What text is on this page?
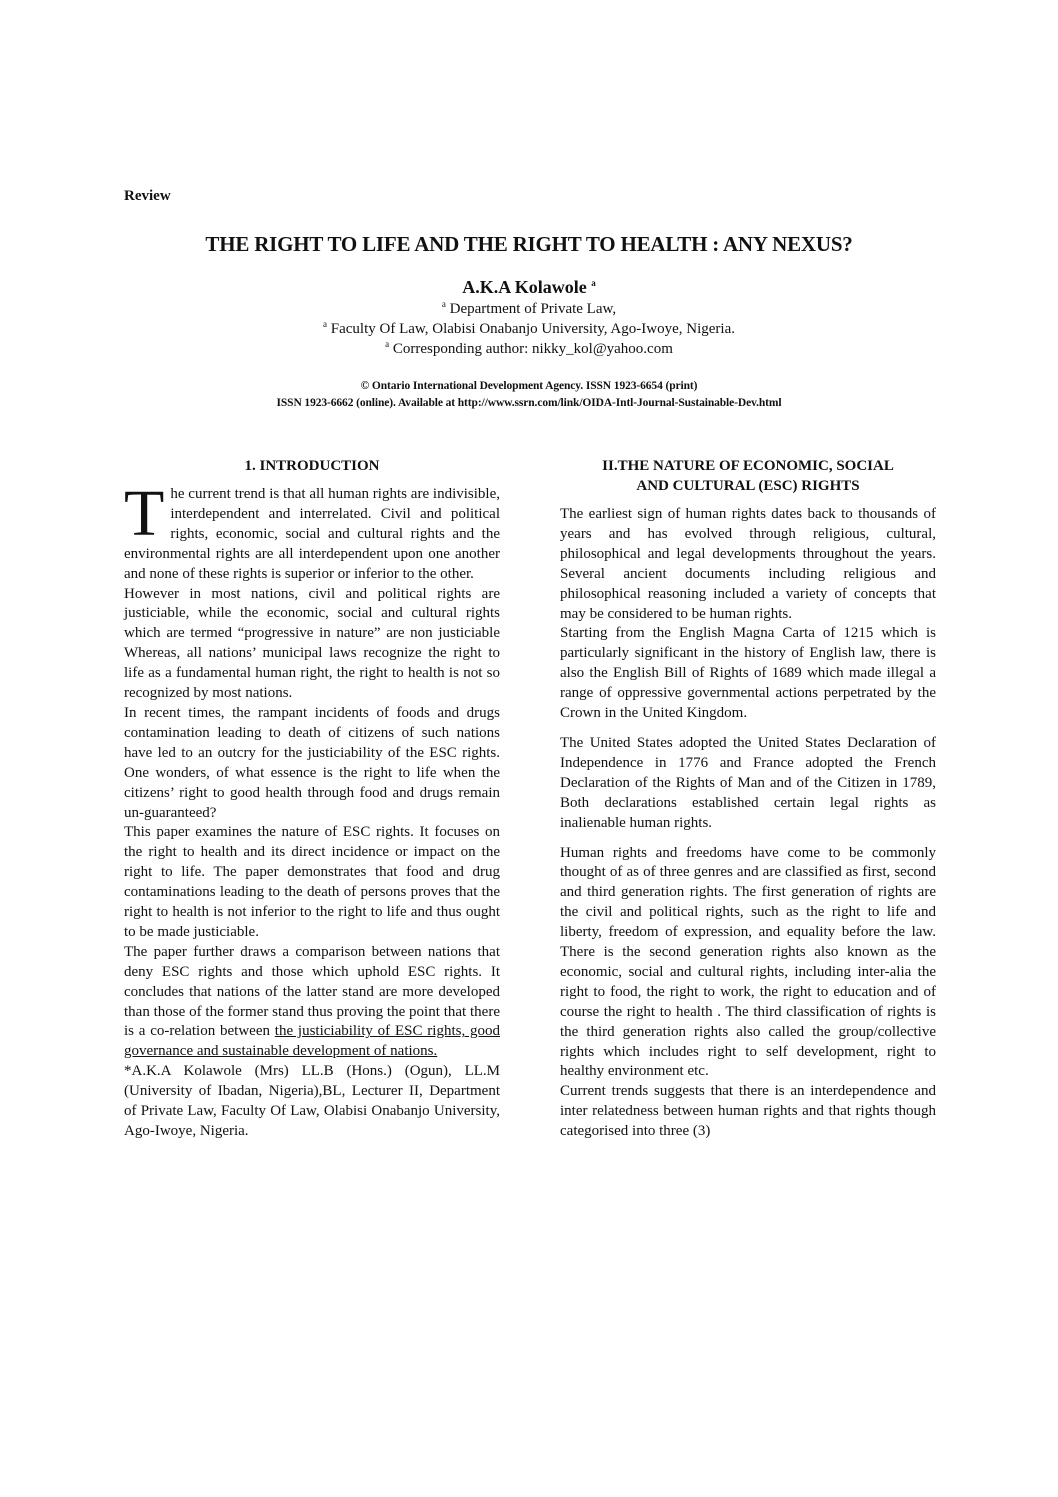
Review
THE RIGHT TO LIFE AND THE RIGHT TO HEALTH : ANY NEXUS?
A.K.A Kolawole $^a$
$^a$ Department of Private Law,
$^a$ Faculty Of Law, Olabisi Onabanjo University, Ago-Iwoye, Nigeria.
$^a$ Corresponding author: nikky_kol@yahoo.com
© Ontario International Development Agency. ISSN 1923-6654 (print)
ISSN 1923-6662 (online). Available at http://www.ssrn.com/link/OIDA-Intl-Journal-Sustainable-Dev.html
1. INTRODUCTION

The current trend is that all human rights are indivisible, interdependent and interrelated. Civil and political rights, economic, social and cultural rights and the environmental rights are all interdependent upon one another and none of these rights is superior or inferior to the other.

However in most nations, civil and political rights are justiciable, while the economic, social and cultural rights which are termed “progressive in nature” are non justiciable Whereas, all nations’ municipal laws recognize the right to life as a fundamental human right, the right to health is not so recognized by most nations.

In recent times, the rampant incidents of foods and drugs contamination leading to death of citizens of such nations have led to an outcry for the justiciability of the ESC rights. One wonders, of what essence is the right to life when the citizens’ right to good health through food and drugs remain un-guaranteed?

This paper examines the nature of ESC rights. It focuses on the right to health and its direct incidence or impact on the right to life. The paper demonstrates that food and drug contaminations leading to the death of persons proves that the right to health is not inferior to the right to life and thus ought to be made justiciable.

The paper further draws a comparison between nations that deny ESC rights and those which uphold ESC rights. It concludes that nations of the latter stand are more developed than those of the former stand thus proving the point that there is a co-relation between the justiciability of ESC rights, good governance and sustainable development of nations.

*A.K.A Kolawole (Mrs) LL.B (Hons.) (Ogun), LL.M (University of Ibadan, Nigeria),BL, Lecturer II, Department of Private Law, Faculty Of Law, Olabisi Onabanjo University, Ago-Iwoye, Nigeria.

II.THE NATURE OF ECONOMIC, SOCIAL
AND CULTURAL (ESC) RIGHTS

The earliest sign of human rights dates back to thousands of years and has evolved through religious, cultural, philosophical and legal developments throughout the years. Several ancient documents including religious and philosophical reasoning included a variety of concepts that may be considered to be human rights.

Starting from the English Magna Carta of 1215 which is particularly significant in the history of English law, there is also the English Bill of Rights of 1689 which made illegal a range of oppressive governmental actions perpetrated by the Crown in the United Kingdom.

The United States adopted the United States Declaration of Independence in 1776 and France adopted the French Declaration of the Rights of Man and of the Citizen in 1789, Both declarations established certain legal rights as inalienable human rights.

Human rights and freedoms have come to be commonly thought of as of three genres and are classified as first, second and third generation rights. The first generation of rights are the civil and political rights, such as the right to life and liberty, freedom of expression, and equality before the law. There is the second generation rights also known as the economic, social and cultural rights, including inter-alia the right to food, the right to work, the right to education and of course the right to health . The third classification of rights is the third generation rights also called the group/collective rights which includes right to self development, right to healthy environment etc.

Current trends suggests that there is an interdependence and inter relatedness between human rights and that rights though categorised into three (3)
